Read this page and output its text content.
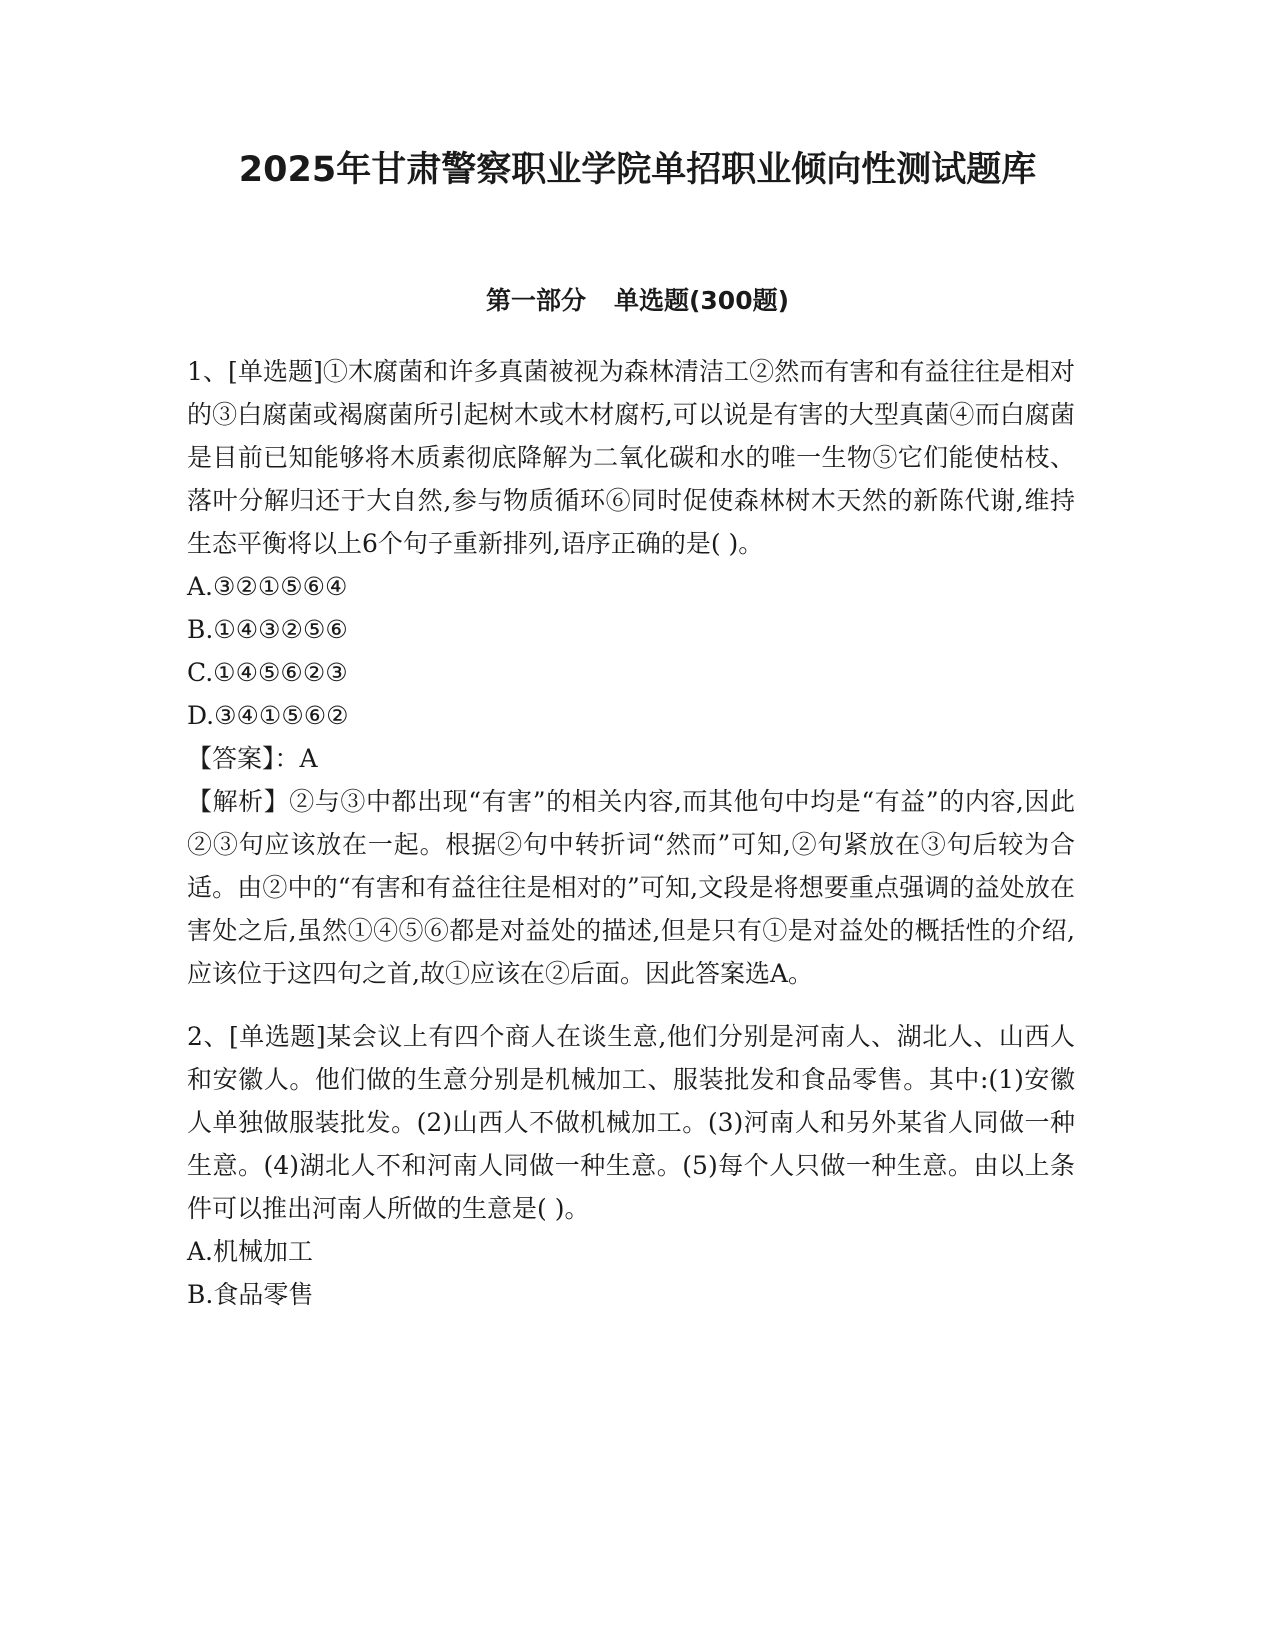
2025年甘肃警察职业学院单招职业倾向性测试题库
第一部分 单选题(300题)

1、[单选题]①木腐菌和许多真菌被视为森林清洁工②然而有害和有益往往是相对的③白腐菌或褐腐菌所引起树木或木材腐朽,可以说是有害的大型真菌④而白腐菌是目前已知能够将木质素彻底降解为二氧化碳和水的唯一生物⑤它们能使枯枝、落叶分解归还于大自然,参与物质循环⑥同时促使森林树木天然的新陈代谢,维持生态平衡将以上6个句子重新排列,语序正确的是( )。

A.③②①⑤⑥④
B.①④③②⑤⑥
C.①④⑤⑥②③
D.③④①⑤⑥②

【答案】：A

【解析】②与③中都出现“有害”的相关内容,而其他句中均是“有益”的内容,因此②③句应该放在一起。根据②句中转折词“然而”可知,②句紧放在③句后较为合适。由②中的“有害和有益往往是相对的”可知,文段是将想要重点强调的益处放在害处之后,虽然①④⑤⑥都是对益处的描述,但是只有①是对益处的概括性的介绍,应该位于这四句之首,故①应该在②后面。因此答案选A。

2、[单选题]某会议上有四个商人在谈生意,他们分别是河南人、湖北人、山西人和安徽人。他们做的生意分别是机械加工、服装批发和食品零售。其中:(1)安徽人单独做服装批发。(2)山西人不做机械加工。(3)河南人和另外某省人同做一种生意。(4)湖北人不和河南人同做一种生意。(5)每个人只做一种生意。由以上条件可以推出河南人所做的生意是( )。

A.机械加工
B.食品零售
